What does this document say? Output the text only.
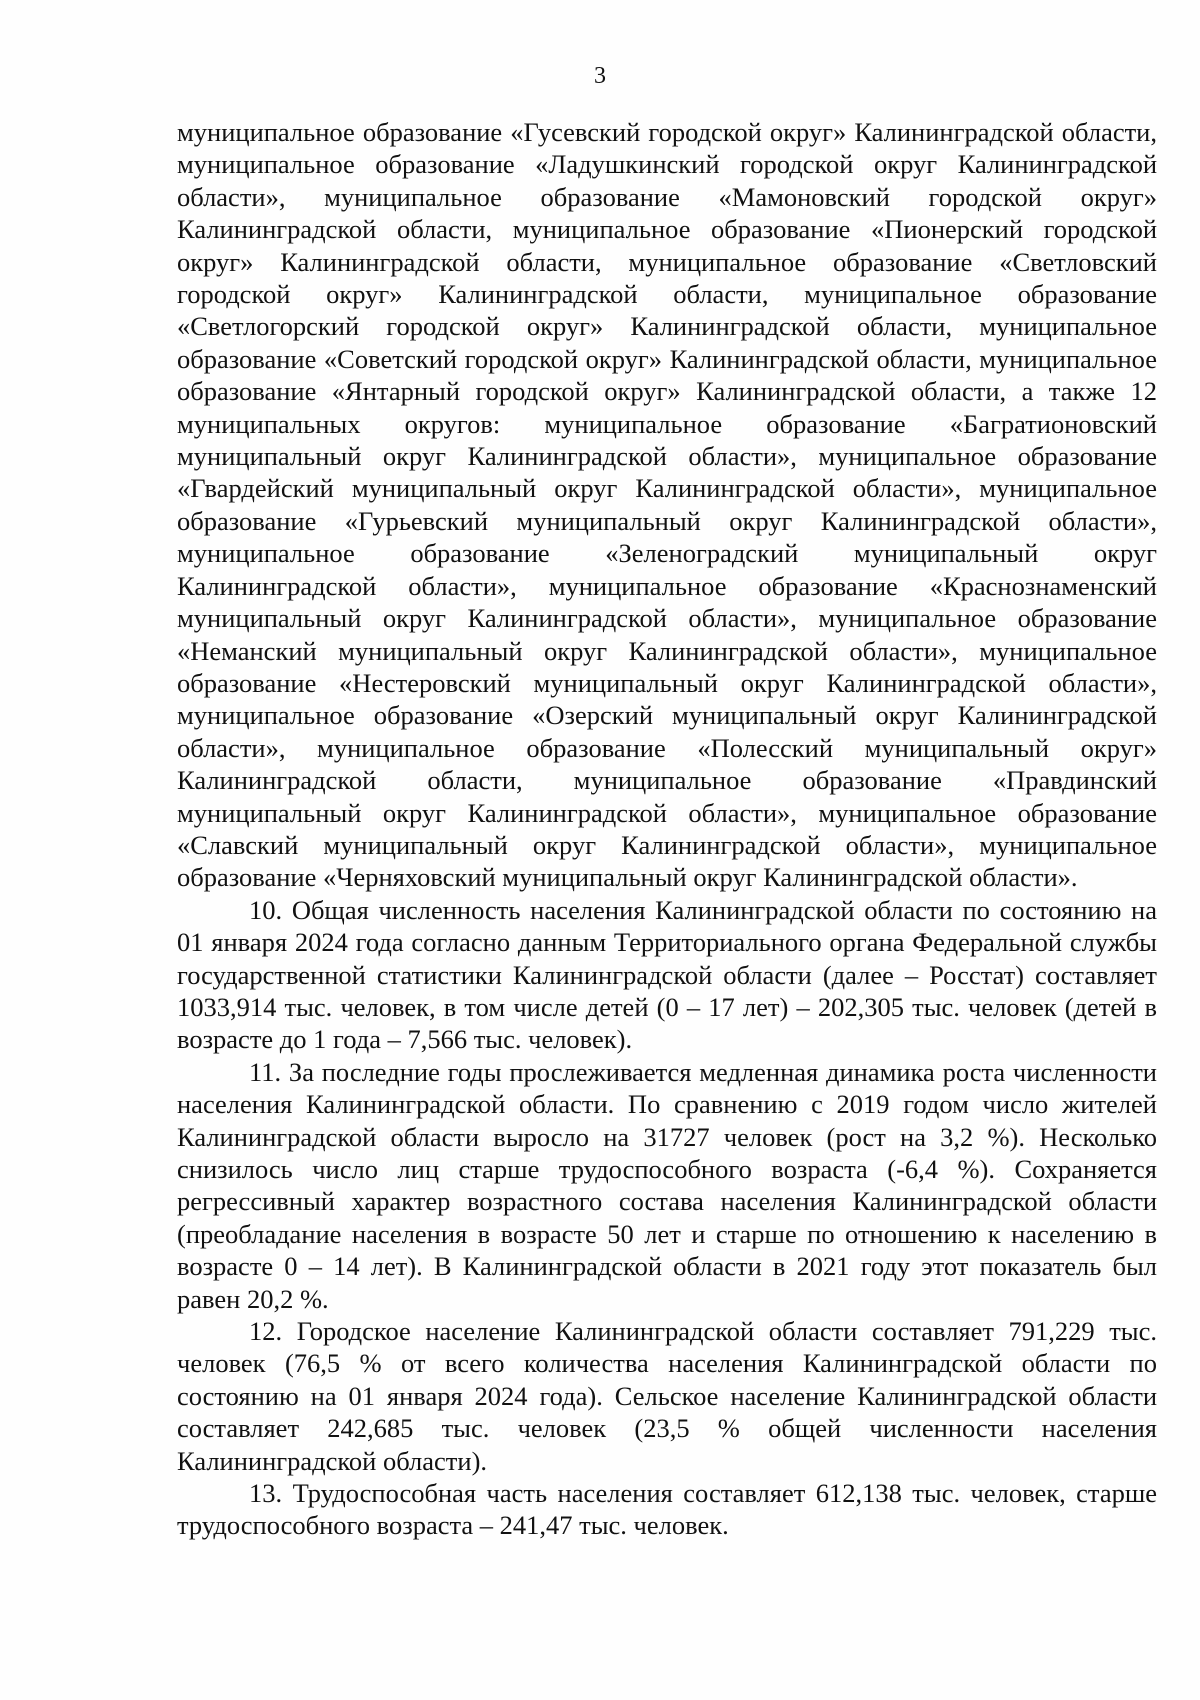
3

муниципальное образование «Гусевский городской округ» Калининградской области, муниципальное образование «Ладушкинский городской округ Калининградской области», муниципальное образование «Мамоновский городской округ» Калининградской области, муниципальное образование «Пионерский городской округ» Калининградской области, муниципальное образование «Светловский городской округ» Калининградской области, муниципальное образование «Светлогорский городской округ» Калининградской области, муниципальное образование «Советский городской округ» Калининградской области, муниципальное образование «Янтарный городской округ» Калининградской области, а также 12 муниципальных округов: муниципальное образование «Багратионовский муниципальный округ Калининградской области», муниципальное образование «Гвардейский муниципальный округ Калининградской области», муниципальное образование «Гурьевский муниципальный округ Калининградской области», муниципальное образование «Зеленоградский муниципальный округ Калининградской области», муниципальное образование «Краснознаменский муниципальный округ Калининградской области», муниципальное образование «Неманский муниципальный округ Калининградской области», муниципальное образование «Нестеровский муниципальный округ Калининградской области», муниципальное образование «Озерский муниципальный округ Калининградской области», муниципальное образование «Полесский муниципальный округ» Калининградской области, муниципальное образование «Правдинский муниципальный округ Калининградской области», муниципальное образование «Славский муниципальный округ Калининградской области», муниципальное образование «Черняховский муниципальный округ Калининградской области».

10. Общая численность населения Калининградской области по состоянию на 01 января 2024 года согласно данным Территориального органа Федеральной службы государственной статистики Калининградской области (далее – Росстат) составляет 1033,914 тыс. человек, в том числе детей (0 – 17 лет) – 202,305 тыс. человек (детей в возрасте до 1 года – 7,566 тыс. человек).

11. За последние годы прослеживается медленная динамика роста численности населения Калининградской области. По сравнению с 2019 годом число жителей Калининградской области выросло на 31727 человек (рост на 3,2 %). Несколько снизилось число лиц старше трудоспособного возраста (-6,4 %). Сохраняется регрессивный характер возрастного состава населения Калининградской области (преобладание населения в возрасте 50 лет и старше по отношению к населению в возрасте 0 – 14 лет). В Калининградской области в 2021 году этот показатель был равен 20,2 %.

12. Городское население Калининградской области составляет 791,229 тыс. человек (76,5 % от всего количества населения Калининградской области по состоянию на 01 января 2024 года). Сельское население Калининградской области составляет 242,685 тыс. человек (23,5 % общей численности населения Калининградской области).

13. Трудоспособная часть населения составляет 612,138 тыс. человек, старше трудоспособного возраста – 241,47 тыс. человек.
